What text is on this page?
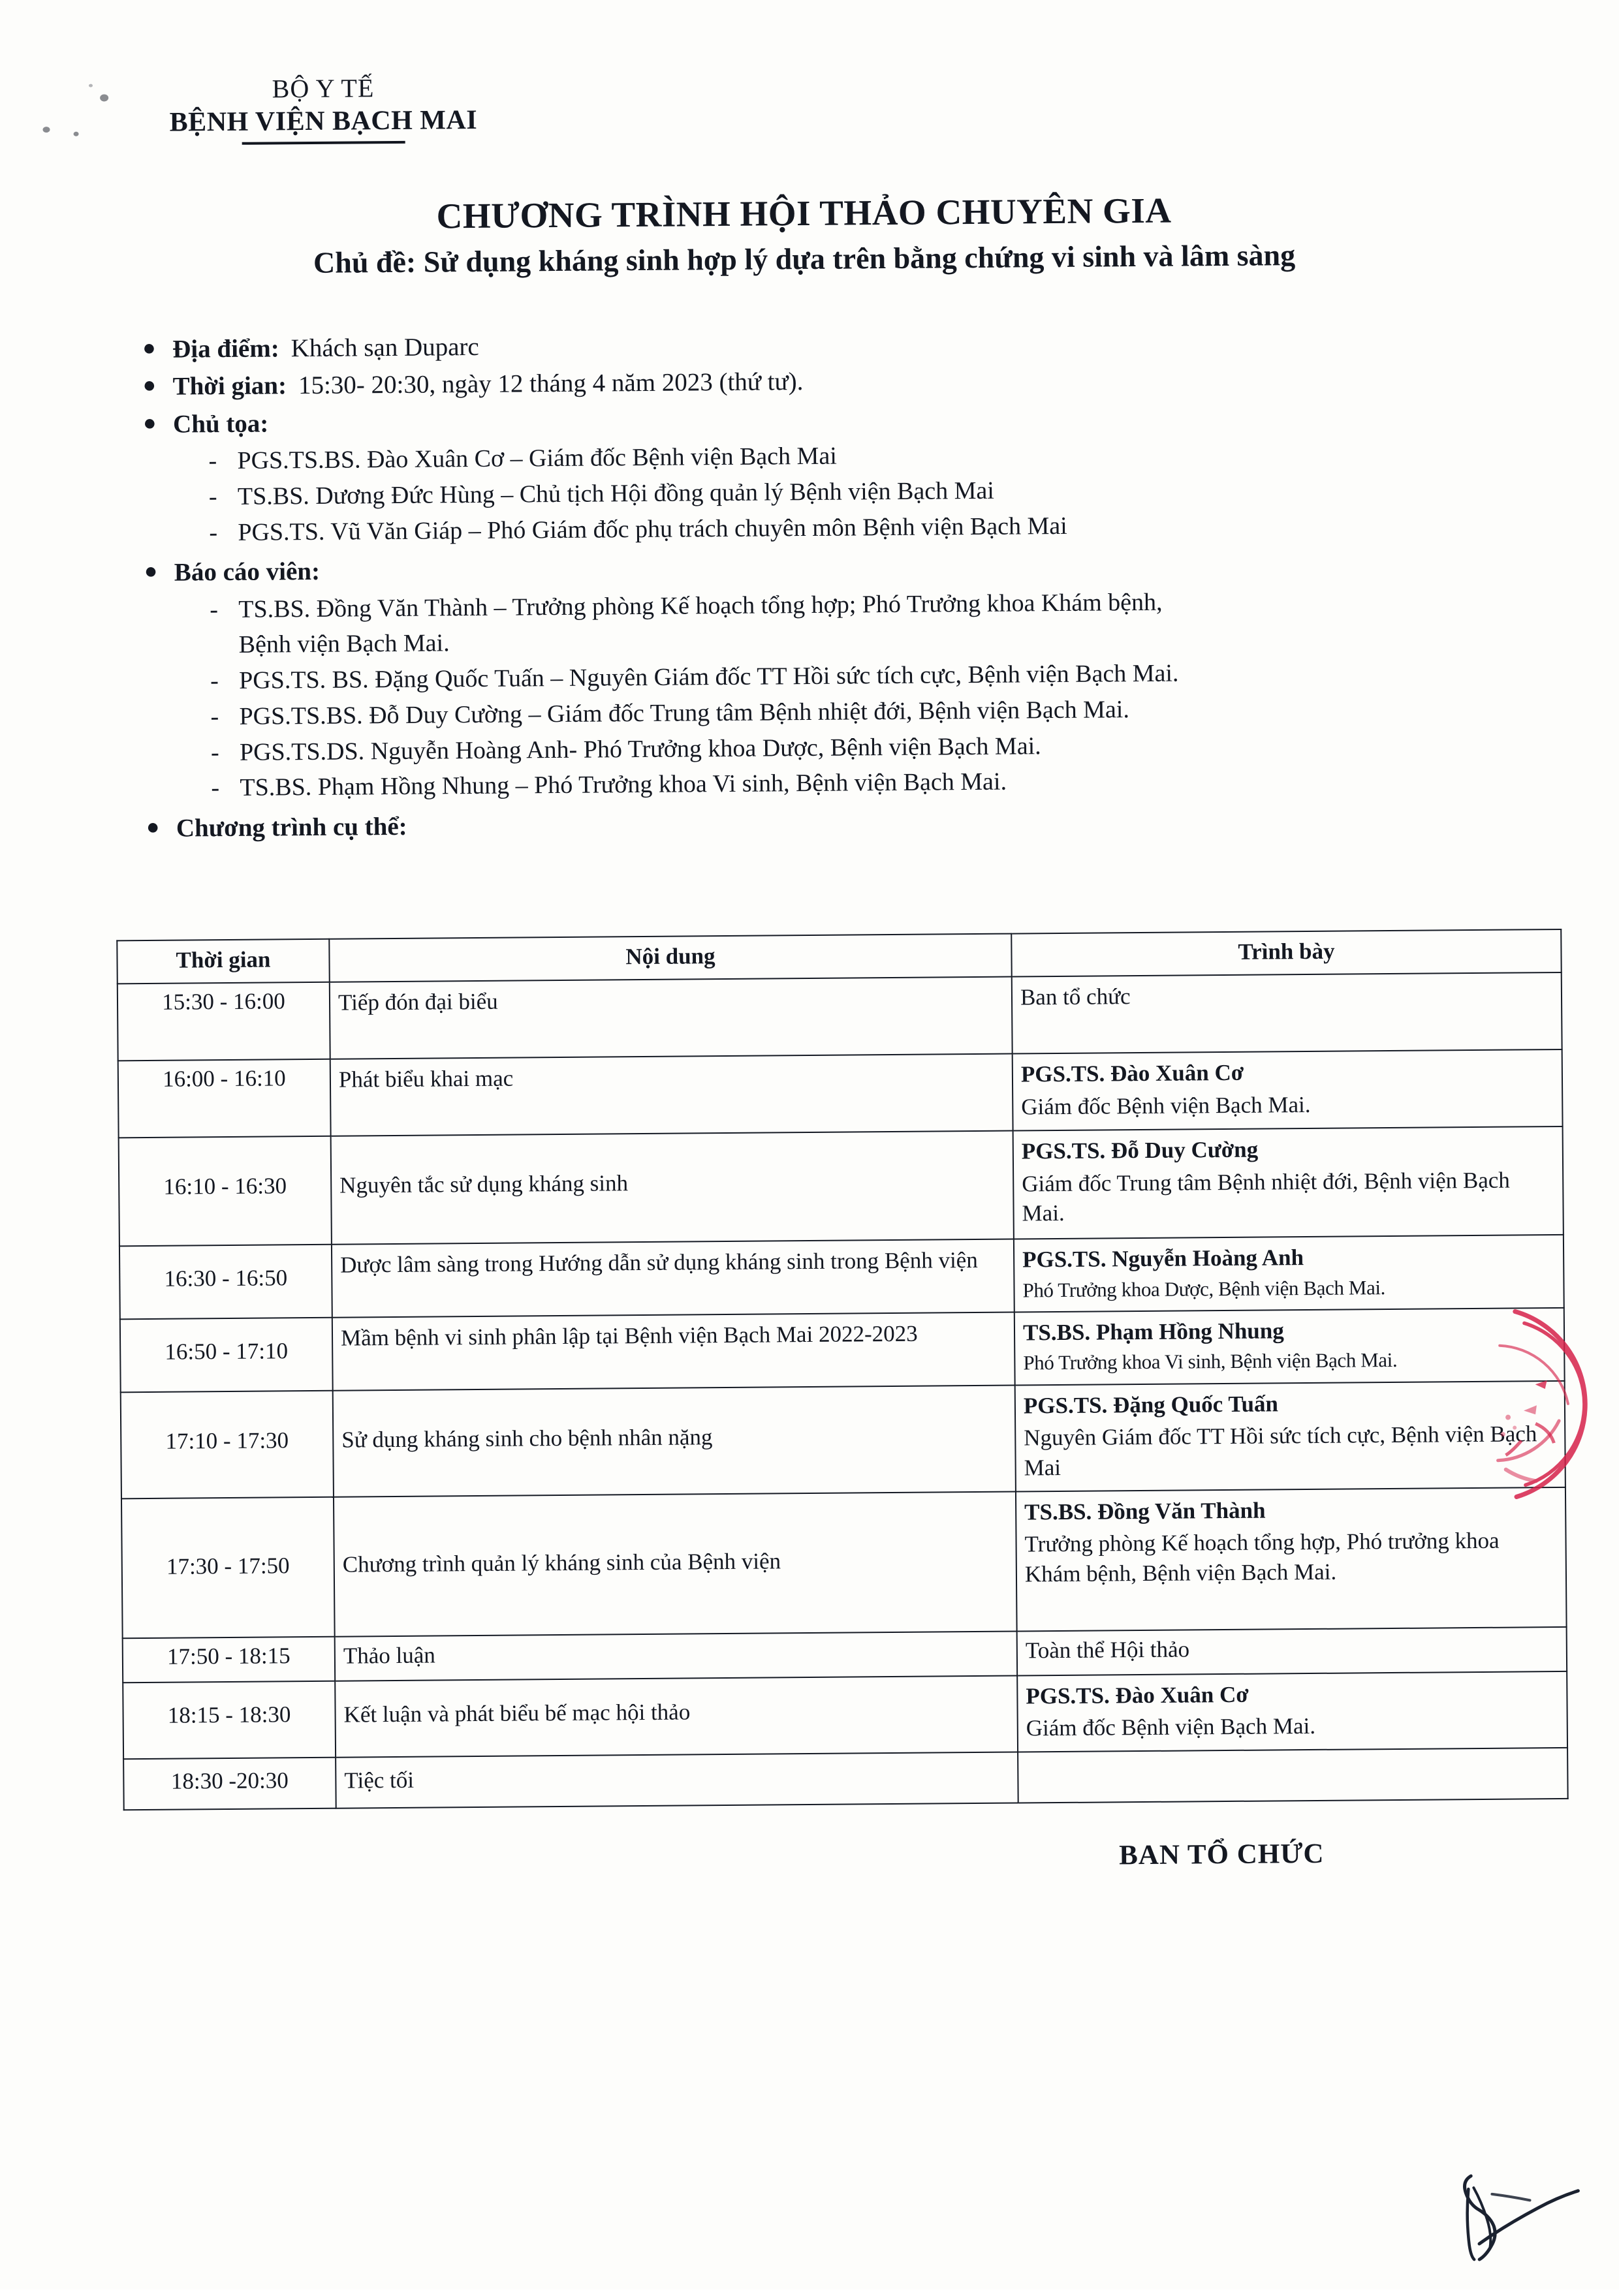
BỘ Y TẾ
BỆNH VIỆN BẠCH MAI
CHƯƠNG TRÌNH HỘI THẢO CHUYÊN GIA
Chủ đề: Sử dụng kháng sinh hợp lý dựa trên bằng chứng vi sinh và lâm sàng
● Địa điểm: Khách sạn Duparc
● Thời gian: 15:30- 20:30, ngày 12 tháng 4 năm 2023 (thứ tư).
● Chủ tọa:
- PGS.TS.BS. Đào Xuân Cơ – Giám đốc Bệnh viện Bạch Mai
- TS.BS. Dương Đức Hùng – Chủ tịch Hội đồng quản lý Bệnh viện Bạch Mai
- PGS.TS. Vũ Văn Giáp – Phó Giám đốc phụ trách chuyên môn Bệnh viện Bạch Mai
● Báo cáo viên:
- TS.BS. Đồng Văn Thành – Trưởng phòng Kế hoạch tổng hợp; Phó Trưởng khoa Khám bệnh,
Bệnh viện Bạch Mai.
- PGS.TS. BS. Đặng Quốc Tuấn – Nguyên Giám đốc TT Hồi sức tích cực, Bệnh viện Bạch Mai.
- PGS.TS.BS. Đỗ Duy Cường – Giám đốc Trung tâm Bệnh nhiệt đới, Bệnh viện Bạch Mai.
- PGS.TS.DS. Nguyễn Hoàng Anh- Phó Trưởng khoa Dược, Bệnh viện Bạch Mai.
- TS.BS. Phạm Hồng Nhung – Phó Trưởng khoa Vi sinh, Bệnh viện Bạch Mai.
● Chương trình cụ thể:
Thời gian	Nội dung	Trình bày
15:30 - 16:00	Tiếp đón đại biểu	Ban tổ chức

16:00 - 16:10	Phát biểu khai mạc	PGS.TS. Đào Xuân Cơ
Giám đốc Bệnh viện Bạch Mai.

16:10 - 16:30	Nguyên tắc sử dụng kháng sinh	PGS.TS. Đỗ Duy Cường
Giám đốc Trung tâm Bệnh nhiệt đới, Bệnh viện Bạch Mai.

16:30 - 16:50	Dược lâm sàng trong Hướng dẫn sử dụng kháng sinh trong Bệnh viện	PGS.TS. Nguyễn Hoàng Anh
Phó Trưởng khoa Dược, Bệnh viện Bạch Mai.

16:50 - 17:10	Mầm bệnh vi sinh phân lập tại Bệnh viện Bạch Mai 2022-2023	TS.BS. Phạm Hồng Nhung
Phó Trưởng khoa Vi sinh, Bệnh viện Bạch Mai.

17:10 - 17:30	Sử dụng kháng sinh cho bệnh nhân nặng	PGS.TS. Đặng Quốc Tuấn
Nguyên Giám đốc TT Hồi sức tích cực, Bệnh viện Bạch Mai

17:30 - 17:50	Chương trình quản lý kháng sinh của Bệnh viện	TS.BS. Đồng Văn Thành
Trưởng phòng Kế hoạch tổng hợp, Phó trưởng khoa Khám bệnh, Bệnh viện Bạch Mai.

17:50 - 18:15	Thảo luận	Toàn thể Hội thảo

18:15 - 18:30	Kết luận và phát biểu bế mạc hội thảo	PGS.TS. Đào Xuân Cơ
Giám đốc Bệnh viện Bạch Mai.

18:30 -20:30	Tiệc tối	
BAN TỔ CHỨC
